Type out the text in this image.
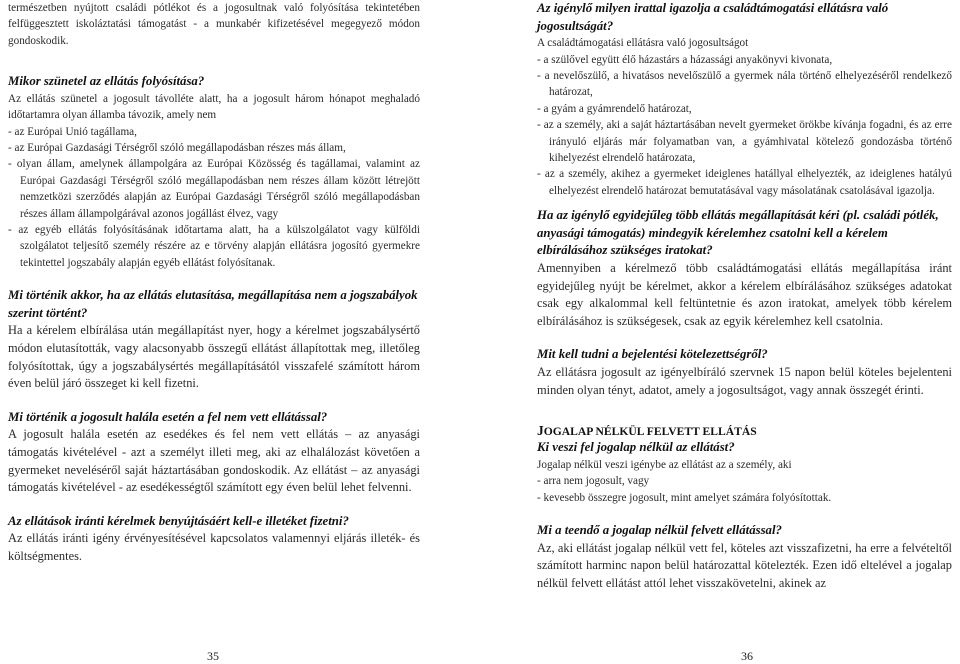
természetben nyújtott családi pótlékot és a jogosultnak való folyósítása tekintetében felfüggesztett iskoláztatási támogatást - a munkabér kifizetésével megegyező módon gondoskodik.

Mikor szünetel az ellátás folyósítása?

Az ellátás szünetel a jogosult távolléte alatt, ha a jogosult három hónapot meghaladó időtartamra olyan államba távozik, amely nem

- az Európai Unió tagállama,

- az Európai Gazdasági Térségről szóló megállapodásban részes más állam,

- olyan állam, amelynek állampolgára az Európai Közösség és tagállamai, valamint az Európai Gazdasági Térségről szóló megállapodásban nem részes állam között létrejött nemzetközi szerződés alapján az Európai Gazdasági Térségről szóló megállapodásban részes állam állampolgárával azonos jogállást élvez, vagy

- az egyéb ellátás folyósításának időtartama alatt, ha a külszolgálatot vagy külföldi szolgálatot teljesítő személy részére az e törvény alapján ellátásra jogosító gyermekre tekintettel jogszabály alapján egyéb ellátást folyósítanak.

Mi történik akkor, ha az ellátás elutasítása, megállapítása nem a jogszabályok szerint történt?

Ha a kérelem elbírálása után megállapítást nyer, hogy a kérelmet jogszabálysértő módon elutasították, vagy alacsonyabb összegű ellátást állapítottak meg, illetőleg folyósítottak, úgy a jogszabálysértés megállapításától visszafelé számított három éven belül járó összeget ki kell fizetni.

Mi történik a jogosult halála esetén a fel nem vett ellátással?

A jogosult halála esetén az esedékes és fel nem vett ellátás – az anyasági támogatás kivételével - azt a személyt illeti meg, aki az elhalálozást követően a gyermeket neveléséről saját háztartásában gondoskodik. Az ellátást – az anyasági támogatás kivételével - az esedékességtől számított egy éven belül lehet felvenni.

Az ellátások iránti kérelmek benyújtásáért kell-e illetéket fizetni?

Az ellátás iránti igény érvényesítésével kapcsolatos valamennyi eljárás illeték- és költségmentes.

35

Az igénylő milyen irattal igazolja a családtámogatási ellátásra való jogosultságát?

A családtámogatási ellátásra való jogosultságot

- a szülővel együtt élő házastárs a házassági anyakönyvi kivonata,

- a nevelőszülő, a hivatásos nevelőszülő a gyermek nála történő elhelyezéséről rendelkező határozat,

- a gyám a gyámrendelő határozat,

- az a személy, aki a saját háztartásában nevelt gyermeket örökbe kívánja fogadni, és az erre irányuló eljárás már folyamatban van, a gyámhivatal kötelező gondozásba történő kihelyezést elrendelő határozata,

- az a személy, akihez a gyermeket ideiglenes hatállyal elhelyezték, az ideiglenes hatályú elhelyezést elrendelő határozat bemutatásával vagy másolatának csatolásával igazolja.

Ha az igénylő egyidejűleg több ellátás megállapítását kéri (pl. családi pótlék, anyasági támogatás) mindegyik kérelemhez csatolni kell a kérelem elbírálásához szükséges iratokat?

Amennyiben a kérelmező több családtámogatási ellátás megállapítása iránt egyidejűleg nyújt be kérelmet, akkor a kérelem elbírálásához szükséges adatokat csak egy alkalommal kell feltüntetnie és azon iratokat, amelyek több kérelem elbírálásához is szükségesek, csak az egyik kérelemhez kell csatolnia.

Mit kell tudni a bejelentési kötelezettségről?

Az ellátásra jogosult az igényelbíráló szervnek 15 napon belül köteles bejelenteni minden olyan tényt, adatot, amely a jogosultságot, vagy annak összegét érinti.

JOGALAP NÉLKÜL FELVETT ELLÁTÁS

Ki veszi fel jogalap nélkül az ellátást?

Jogalap nélkül veszi igénybe az ellátást az a személy, aki

- arra nem jogosult, vagy

- kevesebb összegre jogosult, mint amelyet számára folyósítottak.

Mi a teendő a jogalap nélkül felvett ellátással?

Az, aki ellátást jogalap nélkül vett fel, köteles azt visszafizetni, ha erre a felvételtől számított harminc napon belül határozattal kötelezték. Ezen idő eltelével a jogalap nélkül felvett ellátást attól lehet visszakövetelni, akinek az

36
